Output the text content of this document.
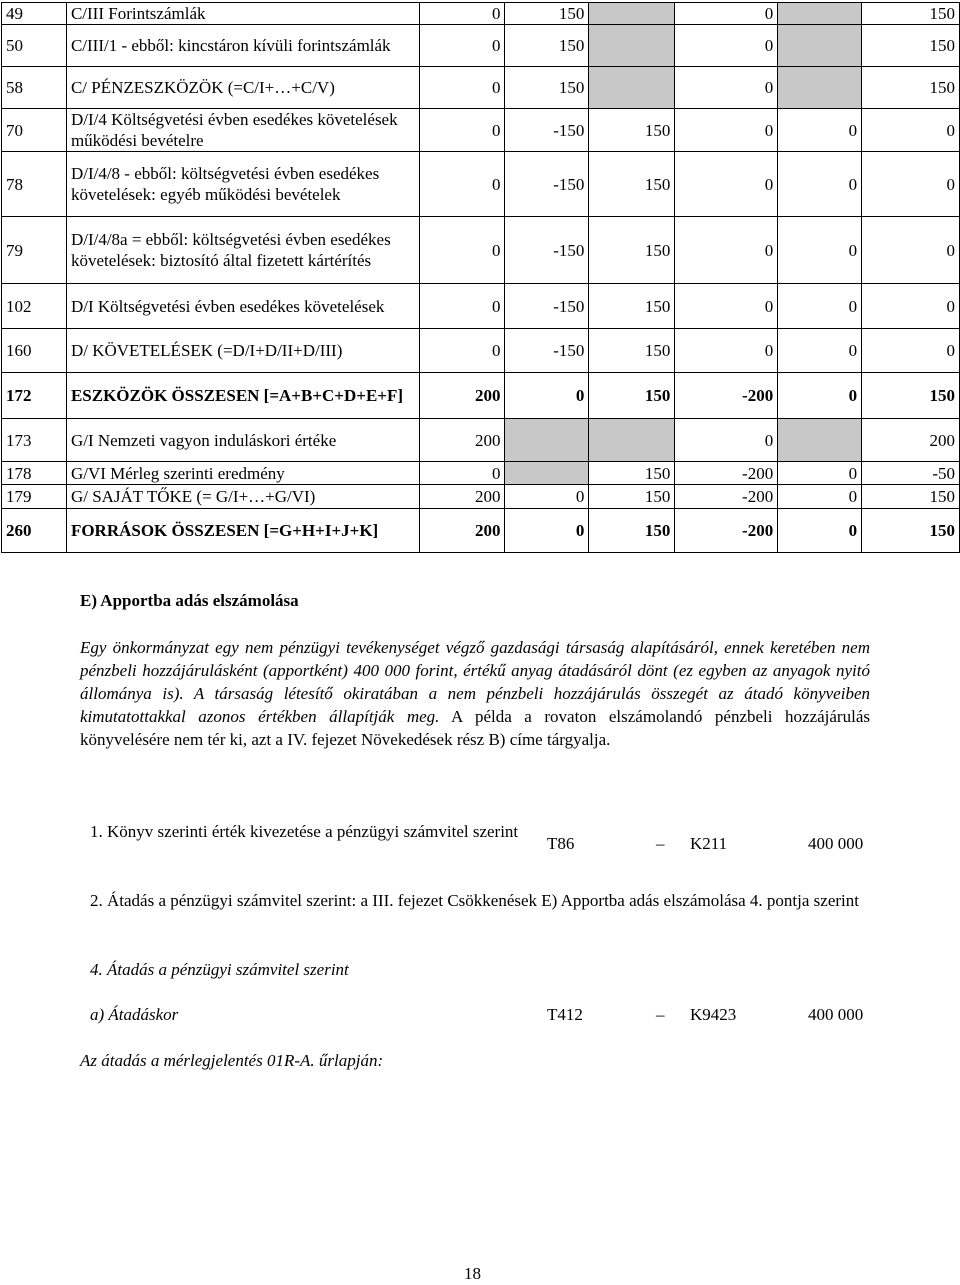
49	C/III Forintszámlák	0	150		0		150
50	C/III/1 - ebből: kincstáron kívüli forintszámlák	0	150		0		150
58	C/ PÉNZESZKÖZÖK (=C/I+…+C/V)	0	150		0		150
70	D/I/4 Költségvetési évben esedékes követelések működési bevételre	0	-150	150	0	0	0
78	D/I/4/8 - ebből: költségvetési évben esedékes követelések: egyéb működési bevételek	0	-150	150	0	0	0
79	D/I/4/8a = ebből: költségvetési évben esedékes követelések: biztosító által fizetett kártérítés	0	-150	150	0	0	0
102	D/I Költségvetési évben esedékes követelések	0	-150	150	0	0	0
160	D/ KÖVETELÉSEK (=D/I+D/II+D/III)	0	-150	150	0	0	0
172	ESZKÖZÖK ÖSSZESEN [=A+B+C+D+E+F]	200	0	150	-200	0	150
173	G/I Nemzeti vagyon induláskori értéke	200			0		200
178	G/VI Mérleg szerinti eredmény	0		150	-200	0	-50
179	G/ SAJÁT TŐKE (= G/I+…+G/VI)	200	0	150	-200	0	150
260	FORRÁSOK ÖSSZESEN [=G+H+I+J+K]	200	0	150	-200	0	150
E) Apportba adás elszámolása
Egy önkormányzat egy nem pénzügyi tevékenységet végző gazdasági társaság alapításáról, ennek keretében nem pénzbeli hozzájárulásként (apportként) 400 000 forint, értékű anyag átadásáról dönt (ez egyben az anyagok nyitó állománya is). A társaság létesítő okiratában a nem pénzbeli hozzájárulás összegét az átadó könyveiben kimutatottakkal azonos értékben állapítják meg. A példa a rovaton elszámolandó pénzbeli hozzájárulás könyvelésére nem tér ki, azt a IV. fejezet Növekedések rész B) címe tárgyalja.
1. Könyv szerinti érték kivezetése a pénzügyi számvitel szerint
T86	– K211	400 000
2. Átadás a pénzügyi számvitel szerint: a III. fejezet Csökkenések E) Apportba adás elszámolása 4. pontja szerint
4. Átadás a pénzügyi számvitel szerint
a) Átadáskor	T412	– K9423	400 000
Az átadás a mérlegjelentés 01R-A. űrlapján:
18
